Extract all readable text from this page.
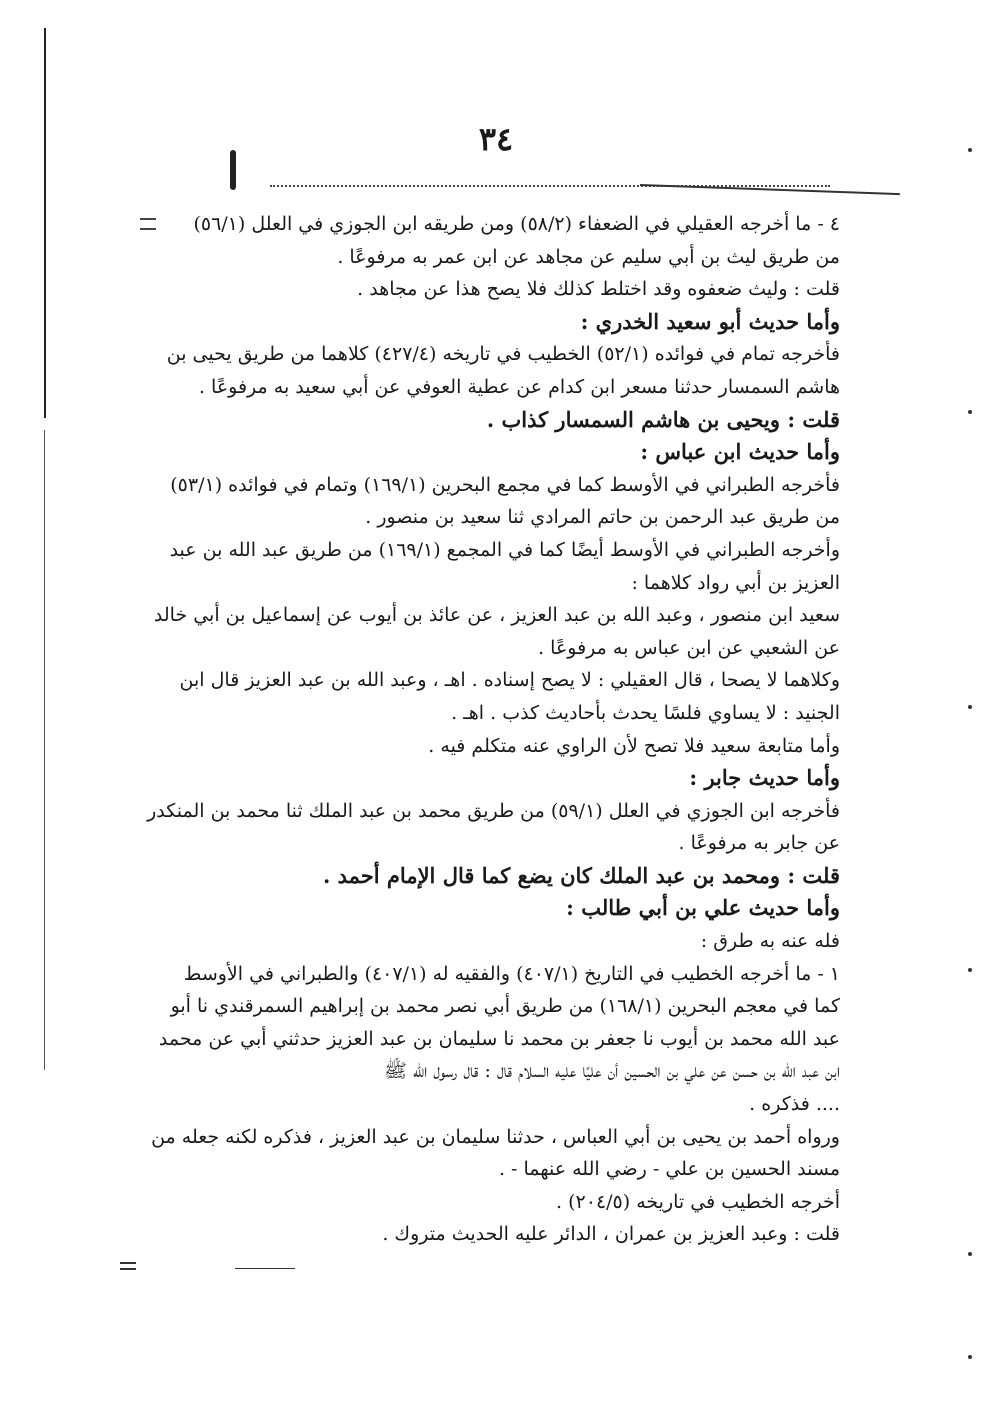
٣٤
٤ - ما أخرجه العقيلي في الضعفاء (٥٨/٢) ومن طريقه ابن الجوزي في العلل (٥٦/١)
من طريق ليث بن أبي سليم عن مجاهد عن ابن عمر به مرفوعًا .
قلت : وليث ضعفوه وقد اختلط كذلك فلا يصح هذا عن مجاهد .
وأما حديث أبو سعيد الخدري :
فأخرجه تمام في فوائده (٥٢/١) الخطيب في تاريخه (٤٢٧/٤) كلاهما من طريق يحيى بن
هاشم السمسار حدثنا مسعر ابن كدام عن عطية العوفي عن أبي سعيد به مرفوعًا .
قلت : ويحيى بن هاشم السمسار كذاب .
وأما حديث ابن عباس :
فأخرجه الطبراني في الأوسط كما في مجمع البحرين (١٦٩/١) وتمام في فوائده (٥٣/١)
من طريق عبد الرحمن بن حاتم المرادي ثنا سعيد بن منصور .
وأخرجه الطبراني في الأوسط أيضًا كما في المجمع (١٦٩/١) من طريق عبد الله بن عبد
العزيز بن أبي رواد كلاهما :
سعيد ابن منصور ، وعبد الله بن عبد العزيز ، عن عائذ بن أيوب عن إسماعيل بن أبي خالد
عن الشعبي عن ابن عباس به مرفوعًا .
وكلاهما لا يصحا ، قال العقيلي : لا يصح إسناده . اهـ ، وعبد الله بن عبد العزيز قال ابن
الجنيد : لا يساوي فلسًا يحدث بأحاديث كذب . اهـ .
وأما متابعة سعيد فلا تصح لأن الراوي عنه متكلم فيه .
وأما حديث جابر :
فأخرجه ابن الجوزي في العلل (٥٩/١) من طريق محمد بن عبد الملك ثنا محمد بن المنكدر
عن جابر به مرفوعًا .
قلت : ومحمد بن عبد الملك كان يضع كما قال الإمام أحمد .
وأما حديث علي بن أبي طالب :
فله عنه به طرق :
١ - ما أخرجه الخطيب في التاريخ (٤٠٧/١) والفقيه له (٤٠٧/١) والطبراني في الأوسط
كما في معجم البحرين (١٦٨/١) من طريق أبي نصر محمد بن إبراهيم السمرقندي نا أبو
عبد الله محمد بن أيوب نا جعفر بن محمد نا سليمان بن عبد العزيز حدثني أبي عن محمد
ابن عبد الله بن حسن عن علي بن الحسين أن عليًا عليه السلام قال : قال رسول الله ﷺ
.... فذكره .
ورواه أحمد بن يحيى بن أبي العباس ، حدثنا سليمان بن عبد العزيز ، فذكره لكنه جعله من
مسند الحسين بن علي - رضي الله عنهما - .
أخرجه الخطيب في تاريخه (٢٠٤/٥) .
قلت : وعبد العزيز بن عمران ، الدائر عليه الحديث متروك .
